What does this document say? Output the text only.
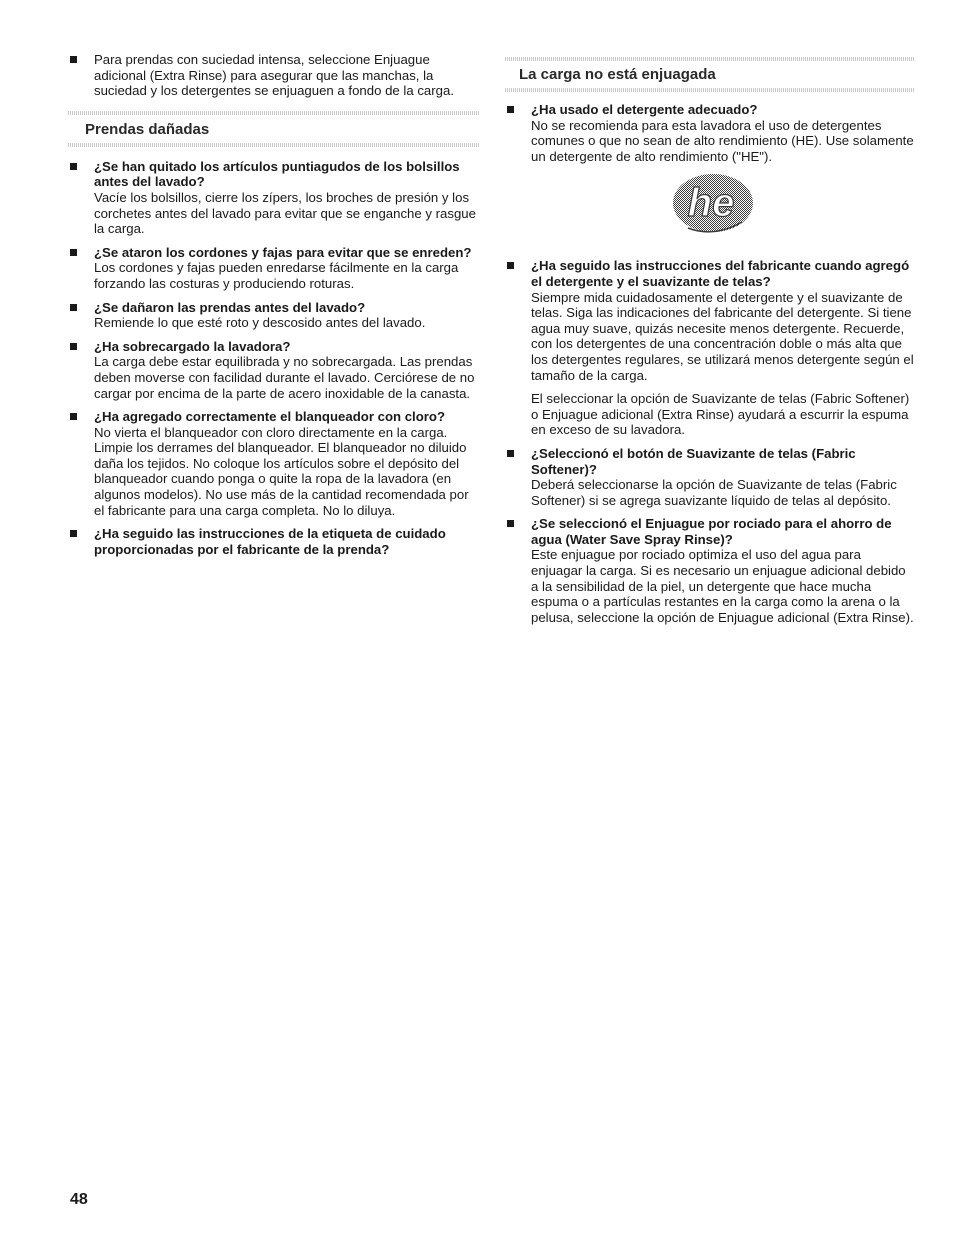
Para prendas con suciedad intensa, seleccione Enjuague adicional (Extra Rinse) para asegurar que las manchas, la suciedad y los detergentes se enjuaguen a fondo de la carga.
Prendas dañadas
¿Se han quitado los artículos puntiagudos de los bolsillos antes del lavado?
Vacíe los bolsillos, cierre los zípers, los broches de presión y los corchetes antes del lavado para evitar que se enganche y rasgue la carga.
¿Se ataron los cordones y fajas para evitar que se enreden?
Los cordones y fajas pueden enredarse fácilmente en la carga forzando las costuras y produciendo roturas.
¿Se dañaron las prendas antes del lavado?
Remiende lo que esté roto y descosido antes del lavado.
¿Ha sobrecargado la lavadora?
La carga debe estar equilibrada y no sobrecargada. Las prendas deben moverse con facilidad durante el lavado. Cerciórese de no cargar por encima de la parte de acero inoxidable de la canasta.
¿Ha agregado correctamente el blanqueador con cloro?
No vierta el blanqueador con cloro directamente en la carga. Limpie los derrames del blanqueador. El blanqueador no diluido daña los tejidos. No coloque los artículos sobre el depósito del blanqueador cuando ponga o quite la ropa de la lavadora (en algunos modelos). No use más de la cantidad recomendada por el fabricante para una carga completa. No lo diluya.
¿Ha seguido las instrucciones de la etiqueta de cuidado proporcionadas por el fabricante de la prenda?
La carga no está enjuagada
¿Ha usado el detergente adecuado?
No se recomienda para esta lavadora el uso de detergentes comunes o que no sean de alto rendimiento (HE). Use solamente un detergente de alto rendimiento ("HE").
he
¿Ha seguido las instrucciones del fabricante cuando agregó el detergente y el suavizante de telas?
Siempre mida cuidadosamente el detergente y el suavizante de telas. Siga las indicaciones del fabricante del detergente. Si tiene agua muy suave, quizás necesite menos detergente. Recuerde, con los detergentes de una concentración doble o más alta que los detergentes regulares, se utilizará menos detergente según el tamaño de la carga.
El seleccionar la opción de Suavizante de telas (Fabric Softener) o Enjuague adicional (Extra Rinse) ayudará a escurrir la espuma en exceso de su lavadora.
¿Seleccionó el botón de Suavizante de telas (Fabric Softener)?
Deberá seleccionarse la opción de Suavizante de telas (Fabric Softener) si se agrega suavizante líquido de telas al depósito.
¿Se seleccionó el Enjuague por rociado para el ahorro de agua (Water Save Spray Rinse)?
Este enjuague por rociado optimiza el uso del agua para enjuagar la carga. Si es necesario un enjuague adicional debido a la sensibilidad de la piel, un detergente que hace mucha espuma o a partículas restantes en la carga como la arena o la pelusa, seleccione la opción de Enjuague adicional (Extra Rinse).
48
